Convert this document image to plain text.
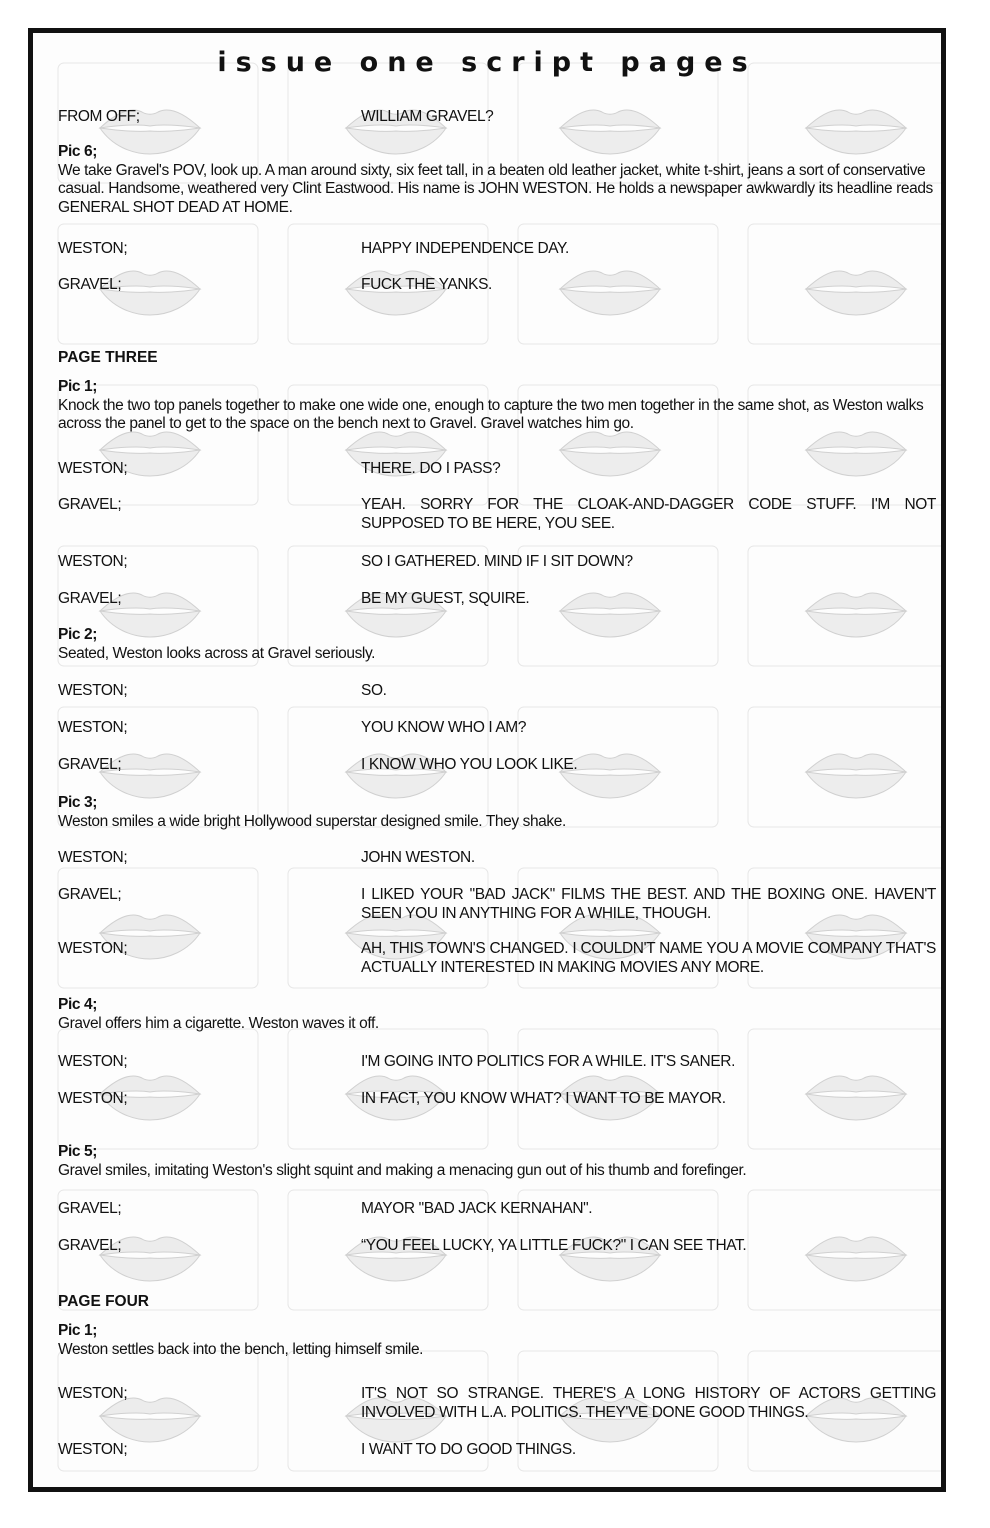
issue one script pages
FROM OFF;	WILLIAM GRAVEL?
Pic 6;
We take Gravel's POV, look up. A man around sixty, six feet tall, in a beaten old leather jacket, white t-shirt, jeans a sort of conservative casual. Handsome, weathered very Clint Eastwood. His name is JOHN WESTON. He holds a newspaper awkwardly its headline reads GENERAL SHOT DEAD AT HOME.
WESTON;	HAPPY INDEPENDENCE DAY.
GRAVEL;	FUCK THE YANKS.
PAGE THREE
Pic 1;
Knock the two top panels together to make one wide one, enough to capture the two men together in the same shot, as Weston walks across the panel to get to the space on the bench next to Gravel. Gravel watches him go.
WESTON;	THERE. DO I PASS?
GRAVEL;	YEAH. SORRY FOR THE CLOAK-AND-DAGGER CODE STUFF. I'M NOT SUPPOSED TO BE HERE, YOU SEE.
WESTON;	SO I GATHERED. MIND IF I SIT DOWN?
GRAVEL;	BE MY GUEST, SQUIRE.
Pic 2;
Seated, Weston looks across at Gravel seriously.
WESTON;	SO.
WESTON;	YOU KNOW WHO I AM?
GRAVEL;	I KNOW WHO YOU LOOK LIKE.
Pic 3;
Weston smiles a wide bright Hollywood superstar designed smile. They shake.
WESTON;	JOHN WESTON.
GRAVEL;	I LIKED YOUR "BAD JACK" FILMS THE BEST. AND THE BOXING ONE. HAVEN'T SEEN YOU IN ANYTHING FOR A WHILE, THOUGH.
WESTON;	AH, THIS TOWN'S CHANGED. I COULDN'T NAME YOU A MOVIE COMPANY THAT'S ACTUALLY INTERESTED IN MAKING MOVIES ANY MORE.
Pic 4;
Gravel offers him a cigarette. Weston waves it off.
WESTON;	I'M GOING INTO POLITICS FOR A WHILE. IT'S SANER.
WESTON;	IN FACT, YOU KNOW WHAT? I WANT TO BE MAYOR.
Pic 5;
Gravel smiles, imitating Weston's slight squint and making a menacing gun out of his thumb and forefinger.
GRAVEL;	MAYOR "BAD JACK KERNAHAN".
GRAVEL;	“YOU FEEL LUCKY, YA LITTLE FUCK?" I CAN SEE THAT.
PAGE FOUR
Pic 1;
Weston settles back into the bench, letting himself smile.
WESTON;	IT'S NOT SO STRANGE. THERE'S A LONG HISTORY OF ACTORS GETTING INVOLVED WITH L.A. POLITICS. THEY'VE DONE GOOD THINGS.
WESTON;	I WANT TO DO GOOD THINGS.
